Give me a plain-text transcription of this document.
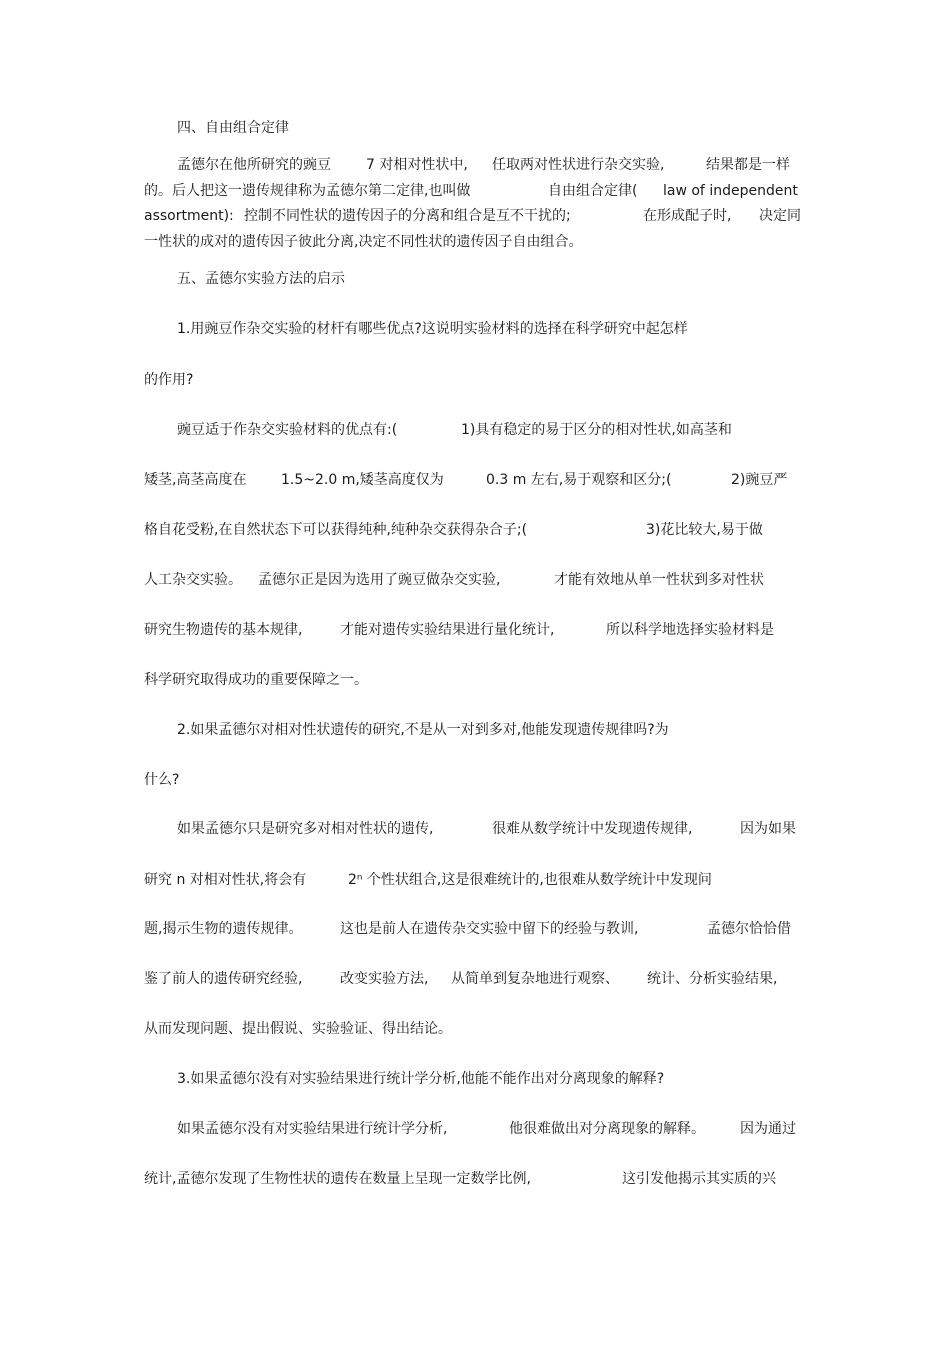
四、自由组合定律
孟德尔在他所研究的豌豆	7 对相对性状中, 任取两对性状进行杂交实验,	结果都是一样
的。后人把这一遗传规律称为孟德尔第二定律,也叫做	自由组合定律( law of independent
assortment): 控制不同性状的遗传因子的分离和组合是互不干扰的;	在形成配子时, 决定同
一性状的成对的遗传因子彼此分离,决定不同性状的遗传因子自由组合。
五、孟德尔实验方法的启示
1.用豌豆作杂交实验的材杆有哪些优点?这说明实验材料的选择在科学研究中起怎样
的作用?
豌豆适于作杂交实验材料的优点有:(	1)具有稳定的易于区分的相对性状,如高茎和
矮茎,高茎高度在 1.5~2.0 m,矮茎高度仅为	0.3 m 左右,易于观察和区分;(	2)豌豆严
格自花受粉,在自然状态下可以获得纯种,纯种杂交获得杂合子;(	3)花比较大,易于做
人工杂交实验。 孟德尔正是因为选用了豌豆做杂交实验,	才能有效地从单一性状到多对性状
研究生物遗传的基本规律,	才能对遗传实验结果进行量化统计,	所以科学地选择实验材料是
科学研究取得成功的重要保障之一。
2.如果孟德尔对相对性状遗传的研究,不是从一对到多对,他能发现遗传规律吗?为
什么?
如果孟德尔只是研究多对相对性状的遗传,	很难从数学统计中发现遗传规律,	因为如果
研究 n 对相对性状,将会有	2ⁿ 个性状组合,这是很难统计的,也很难从数学统计中发现问
题,揭示生物的遗传规律。	这也是前人在遗传杂交实验中留下的经验与教训,	孟德尔恰恰借
鉴了前人的遗传研究经验,	改变实验方法, 从简单到复杂地进行观察、 统计、分析实验结果,
从而发现问题、提出假说、实验验证、得出结论。
3.如果孟德尔没有对实验结果进行统计学分析,他能不能作出对分离现象的解释?
如果孟德尔没有对实验结果进行统计学分析,	他很难做出对分离现象的解释。	因为通过
统计,孟德尔发现了生物性状的遗传在数量上呈现一定数学比例,	这引发他揭示其实质的兴
